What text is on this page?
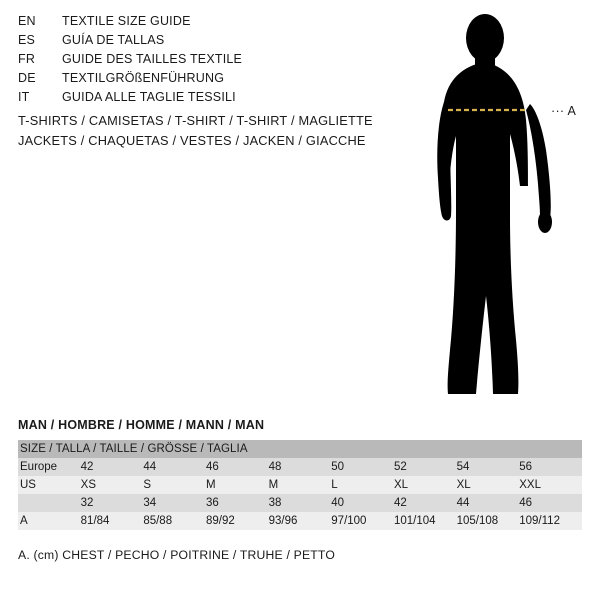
EN	TEXTILE SIZE GUIDE
ES	GUÍA DE TALLAS
FR	GUIDE DES TAILLES TEXTILE
DE	TEXTILGRÖßENFÜHRUNG
IT	GUIDA ALLE TAGLIE TESSILI
T-SHIRTS / CAMISETAS / T-SHIRT / T-SHIRT / MAGLIETTE
JACKETS / CHAQUETAS / VESTES / JACKEN / GIACCHE
··· A
MAN / HOMBRE / HOMME / MANN / MAN
SIZE / TALLA / TAILLE / GRÖSSE / TAGLIA								
Europe	42	44	46	48	50	52	54	56
US	XS	S	M	M	L	XL	XL	XXL
	32	34	36	38	40	42	44	46
A	81/84	85/88	89/92	93/96	97/100	101/104	105/108	109/112
A. (cm) CHEST / PECHO / POITRINE / TRUHE / PETTO
